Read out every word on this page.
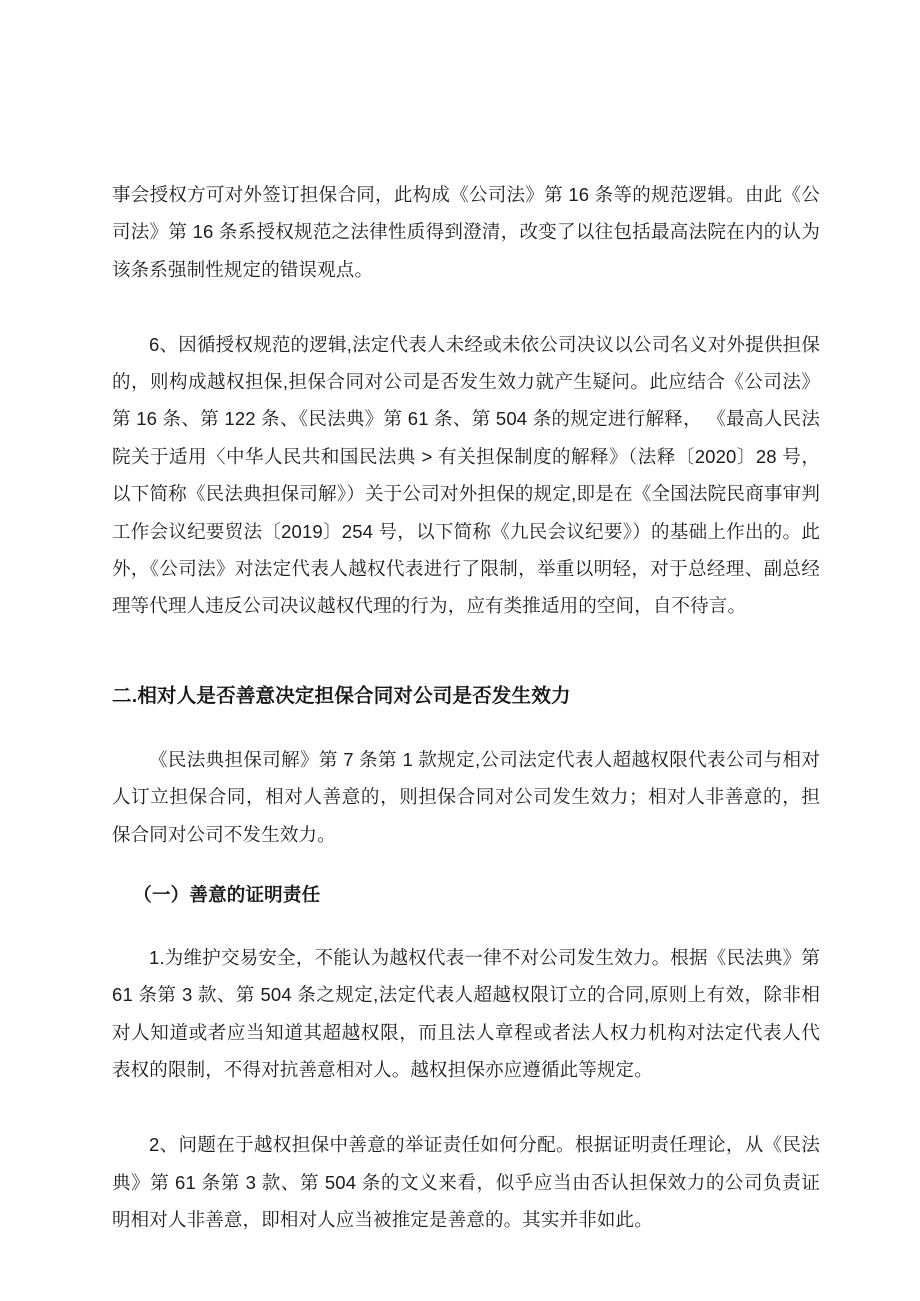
事会授权方可对外签订担保合同，此构成《公司法》第 16 条等的规范逻辑。由此《公司法》第 16 条系授权规范之法律性质得到澄清，改变了以往包括最高法院在内的认为该条系强制性规定的错误观点。

6、因循授权规范的逻辑,法定代表人未经或未依公司决议以公司名义对外提供担保的，则构成越权担保,担保合同对公司是否发生效力就产生疑问。此应结合《公司法》第 16 条、第 122 条、《民法典》第 61 条、第 504 条的规定进行解释， 《最高人民法院关于适用〈中华人民共和国民法典 > 有关担保制度的解释》（法释〔2020〕28 号，以下简称《民法典担保司解》）关于公司对外担保的规定,即是在《全国法院民商事审判工作会议纪要贸法〔2019〕254 号，以下简称《九民会议纪要》）的基础上作出的。此外，《公司法》对法定代表人越权代表进行了限制，举重以明轻，对于总经理、副总经理等代理人违反公司决议越权代理的行为，应有类推适用的空间，自不待言。

二.相对人是否善意决定担保合同对公司是否发生效力

《民法典担保司解》第 7 条第 1 款规定,公司法定代表人超越权限代表公司与相对人订立担保合同，相对人善意的，则担保合同对公司发生效力；相对人非善意的，担保合同对公司不发生效力。

（一）善意的证明责任

1.为维护交易安全，不能认为越权代表一律不对公司发生效力。根据《民法典》第 61 条第 3 款、第 504 条之规定,法定代表人超越权限订立的合同,原则上有效，除非相对人知道或者应当知道其超越权限，而且法人章程或者法人权力机构对法定代表人代表权的限制，不得对抗善意相对人。越权担保亦应遵循此等规定。

2、问题在于越权担保中善意的举证责任如何分配。根据证明责任理论，从《民法典》第 61 条第 3 款、第 504 条的文义来看，似乎应当由否认担保效力的公司负责证明相对人非善意，即相对人应当被推定是善意的。其实并非如此。
